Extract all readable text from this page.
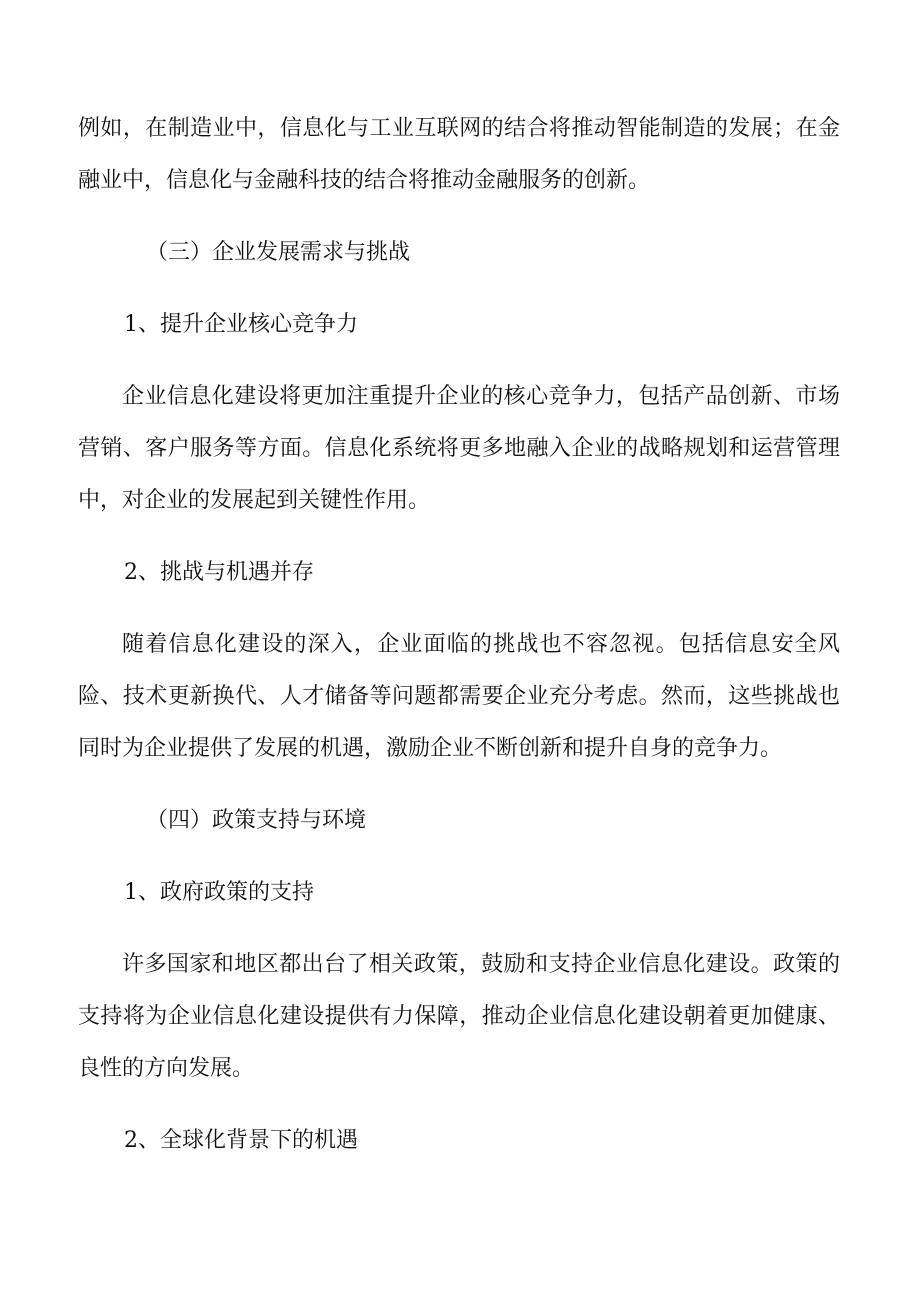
例如，在制造业中，信息化与工业互联网的结合将推动智能制造的发展；在金融业中，信息化与金融科技的结合将推动金融服务的创新。

（三）企业发展需求与挑战

1、提升企业核心竞争力

企业信息化建设将更加注重提升企业的核心竞争力，包括产品创新、市场营销、客户服务等方面。信息化系统将更多地融入企业的战略规划和运营管理中，对企业的发展起到关键性作用。

2、挑战与机遇并存

随着信息化建设的深入，企业面临的挑战也不容忽视。包括信息安全风险、技术更新换代、人才储备等问题都需要企业充分考虑。然而，这些挑战也同时为企业提供了发展的机遇，激励企业不断创新和提升自身的竞争力。

（四）政策支持与环境

1、政府政策的支持

许多国家和地区都出台了相关政策，鼓励和支持企业信息化建设。政策的支持将为企业信息化建设提供有力保障，推动企业信息化建设朝着更加健康、良性的方向发展。

2、全球化背景下的机遇
